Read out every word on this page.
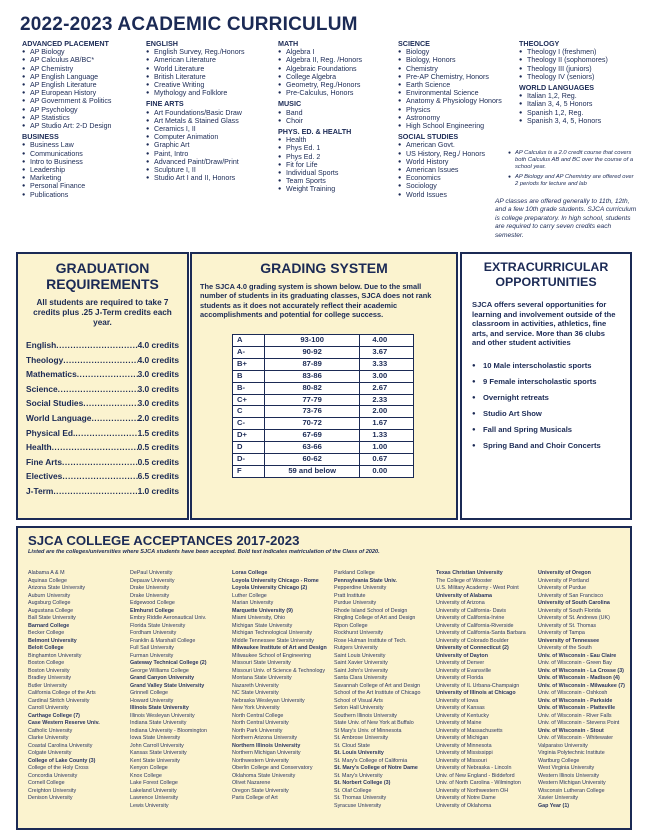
2022-2023 ACADEMIC CURRICULUM
ADVANCED PLACEMENT
● AP Biology
● AP Calculus AB/BC*
● AP Chemistry
● AP English Language
● AP English Literature
● AP European History
● AP Government & Politics
● AP Psychology
● AP Statistics
● AP Studio Art: 2-D Design
BUSINESS
● Business Law
● Communications
● Intro to Business
● Leadership
● Marketing
● Personal Finance
● Publications
ENGLISH
● English Survey, Reg./Honors
● American Literature
● World Literature
● British Literature
● Creative Writing
● Mythology and Folklore
FINE ARTS
● Art Foundations/Basic Draw
● Art Metals & Stained Glass
● Ceramics I, II
● Computer Animation
● Graphic Art
● Paint, Intro
● Advanced Paint/Draw/Print
● Sculpture I, II
● Studio Art I and II, Honors
MATH
● Algebra I
● Algebra II, Reg. /Honors
● Algebraic Foundations
● College Algebra
● Geometry, Reg./Honors
● Pre-Calculus, Honors
MUSIC
● Band
● Choir
PHYS. ED. & HEALTH
● Health
● Phys Ed. 1
● Phys Ed. 2
● Fit for Life
● Individual Sports
● Team Sports
● Weight Training
SCIENCE
● Biology
● Biology, Honors
● Chemistry
● Pre-AP Chemistry, Honors
● Earth Science
● Environmental Science
● Anatomy & Physiology Honors
● Physics
● Astronomy
● High School Engineering
SOCIAL STUDIES
● American Govt.
● US History, Reg./ Honors
● World History
● American Issues
● Economics
● Sociology
● World Issues
THEOLOGY
● Theology I (freshmen)
● Theology II (sophomores)
● Theology III (juniors)
● Theology IV (seniors)
WORLD LANGUAGES
● Italian 1,2, Reg.
● Italian 3, 4, 5 Honors
● Spanish 1,2, Reg.
● Spanish 3, 4, 5, Honors
● AP Calculus is a 2.0 credit course that covers both Calculus AB and BC over the course of a school year.
● AP Biology and AP Chemistry are offered over 2 periods for lecture and lab
AP classes are offered generally to 11th, 12th, and a few 10th grade students. SJCA curriculum is college preparatory. In high school, students are required to carry seven credits each semester.
GRADUATION REQUIREMENTS
All students are required to take 7 credits plus .25 J-Term credits each year.
English .....	4.0 credits
Theology .....	4.0 credits
Mathematics .....	3.0 credits
Science .....	3.0 credits
Social Studies .....	3.0 credits
World Language .....	2.0 credits
Physical Ed. .....	1.5 credits
Health .....	0.5 credits
Fine Arts .....	0.5 credits
Electives .....	6.5 credits
J-Term .....	1.0 credits
GRADING SYSTEM
The SJCA 4.0 grading system is shown below. Due to the small number of students in its graduating classes, SJCA does not rank students as it does not accurately reflect their academic accomplishments and potential for college success.
A	93-100	4.00
A-	90-92	3.67
B+	87-89	3.33
B	83-86	3.00
B-	80-82	2.67
C+	77-79	2.33
C	73-76	2.00
C-	70-72	1.67
D+	67-69	1.33
D	63-66	1.00
D-	60-62	0.67
F	59 and below	0.00
EXTRACURRICULAR OPPORTUNITIES
SJCA offers several opportunities for learning and involvement outside of the classroom in activities, athletics, fine arts, and service. More than 36 clubs and other student activities
● 10 Male interscholastic sports
● 9 Female interscholastic sports
● Overnight retreats
● Studio Art Show
● Fall and Spring Musicals
● Spring Band and Choir Concerts
SJCA COLLEGE ACCEPTANCES 2017-2023
Listed are the colleges/universities where SJCA students have been accepted. Bold text indicates matriculation of the Class of 2020.
Alabama A & M
Aquinas College
Arizona State University
Auburn University
Augsburg College
Augustana College
Ball State University
Barnard College
Becker College
Belmont University
Beloit College
Binghamton University
Boston College
Boston University
Bradley University
Butler University
California College of the Arts
Cardinal Stritch University
Carroll University
Carthage College (7)
Case Western Reserve Univ.
Catholic University
Clarke University
Coastal Carolina University
Colgate University
College of Lake County (3)
College of the Holy Cross
Concordia University
Cornell College
Creighton University
Denison University
DePaul University
Depauw University
Drake University
Drake University
Edgewood College
Elmhurst College
Embry Riddle Aeronautical Univ.
Florida State University
Fordham University
Franklin & Marshall College
Full Sail University
Furman University
Gateway Technical College (2)
George Williams College
Grand Canyon University
Grand Valley State University
Grinnell College
Howard University
Illinois State University
Illinois Wesleyan University
Indiana State University
Indiana University - Bloomington
Iowa State University
John Carroll University
Kansas State University
Kent State University
Kenyon College
Knox College
Lake Forest College
Lakeland University
Lawrence University
Lewis University
Loras College
Loyola University Chicago - Rome
Loyola University Chicago (2)
Luther College
Marian University
Marquette University (9)
Miami University, Ohio
Michigan State University
Michigan Technological University
Middle Tennessee State University
Milwaukee Institute of Art and Design
Milwaukee School of Engineering
Missouri State University
Missouri Univ. of Science & Technology
Montana State University
Nazareth University
NC State University
Nebraska Wesleyan University
New York University
North Central College
North Central University
North Park University
Northern Arizona University
Northern Illinois University
Northern Michigan University
Northwestern University
Oberlin College and Conservatory
Oklahoma State University
Olivet Nazarene
Oregon State University
Paris College of Art
Parkland College
Pennsylvania State Univ.
Pepperdine University
Pratt Institute
Purdue University
Rhode Island School of Design
Ringling College of Art and Design
Ripon College
Rockhurst University
Rose Hulman Institute of Tech.
Rutgers University
Saint Louis University
Saint Xavier University
Saint John's University
Santa Clara University
Savannah College of Art and Design
School of the Art Institute of Chicago
School of Visual Arts
Seton Hall University
Southern Illinois University
State Univ. of New York at Buffalo
St Mary's Univ. of Minnesota
St. Ambrose University
St. Cloud State
St. Louis University
St. Mary's College of California
St. Mary's College of Notre Dame
St. Mary's University
St. Norbert College (3)
St. Olaf College
St. Thomas University
Syracuse University
Texas Christian University
The College of Wooster
U.S. Military Academy - West Point
University of Alabama
University of Arizona
University of California- Davis
University of California-Irvine
University of California-Riverside
University of California-Santa Barbara
University of Colorado Boulder
University of Connecticut (2)
University of Dayton
University of Denver
University of Evansville
University of Florida
University of IL Urbana-Champaign
University of Illinois at Chicago
University of Iowa
University of Kansas
University of Kentucky
University of Maine
University of Massachusetts
University of Michigan
University of Minnesota
University of Mississippi
University of Missouri
University of Nebraska - Lincoln
Univ. of New England - Biddeford
Univ. of North Carolina - Wilmington
University of Northwestern OH
University of Notre Dame
University of Oklahoma
University of Oregon
University of Portland
University of Purdue
University of San Francisco
University of South Carolina
University of South Florida
University of St. Andrews (UK)
University of St. Thomas
University of Tampa
University of Tennessee
University of the South
Univ. of Wisconsin - Eau Claire
Univ. of Wisconsin - Green Bay
Univ. of Wisconsin - La Crosse (3)
Univ. of Wisconsin - Madison (4)
Univ. of Wisconsin - Milwaukee (7)
Univ. of Wisconsin - Oshkosh
Univ. of Wisconsin - Parkside
Univ. of Wisconsin - Platteville
Univ. of Wisconsin - River Falls
Univ. of Wisconsin - Stevens Point
Univ. of Wisconsin - Stout
Univ. of Wisconsin - Whitewater
Valparaiso University
Virginia Polytechnic Institute
Wartburg College
West Virginia University
Western Illinois University
Western Michigan University
Wisconsin Lutheran College
Xavier University
Gap Year (1)
